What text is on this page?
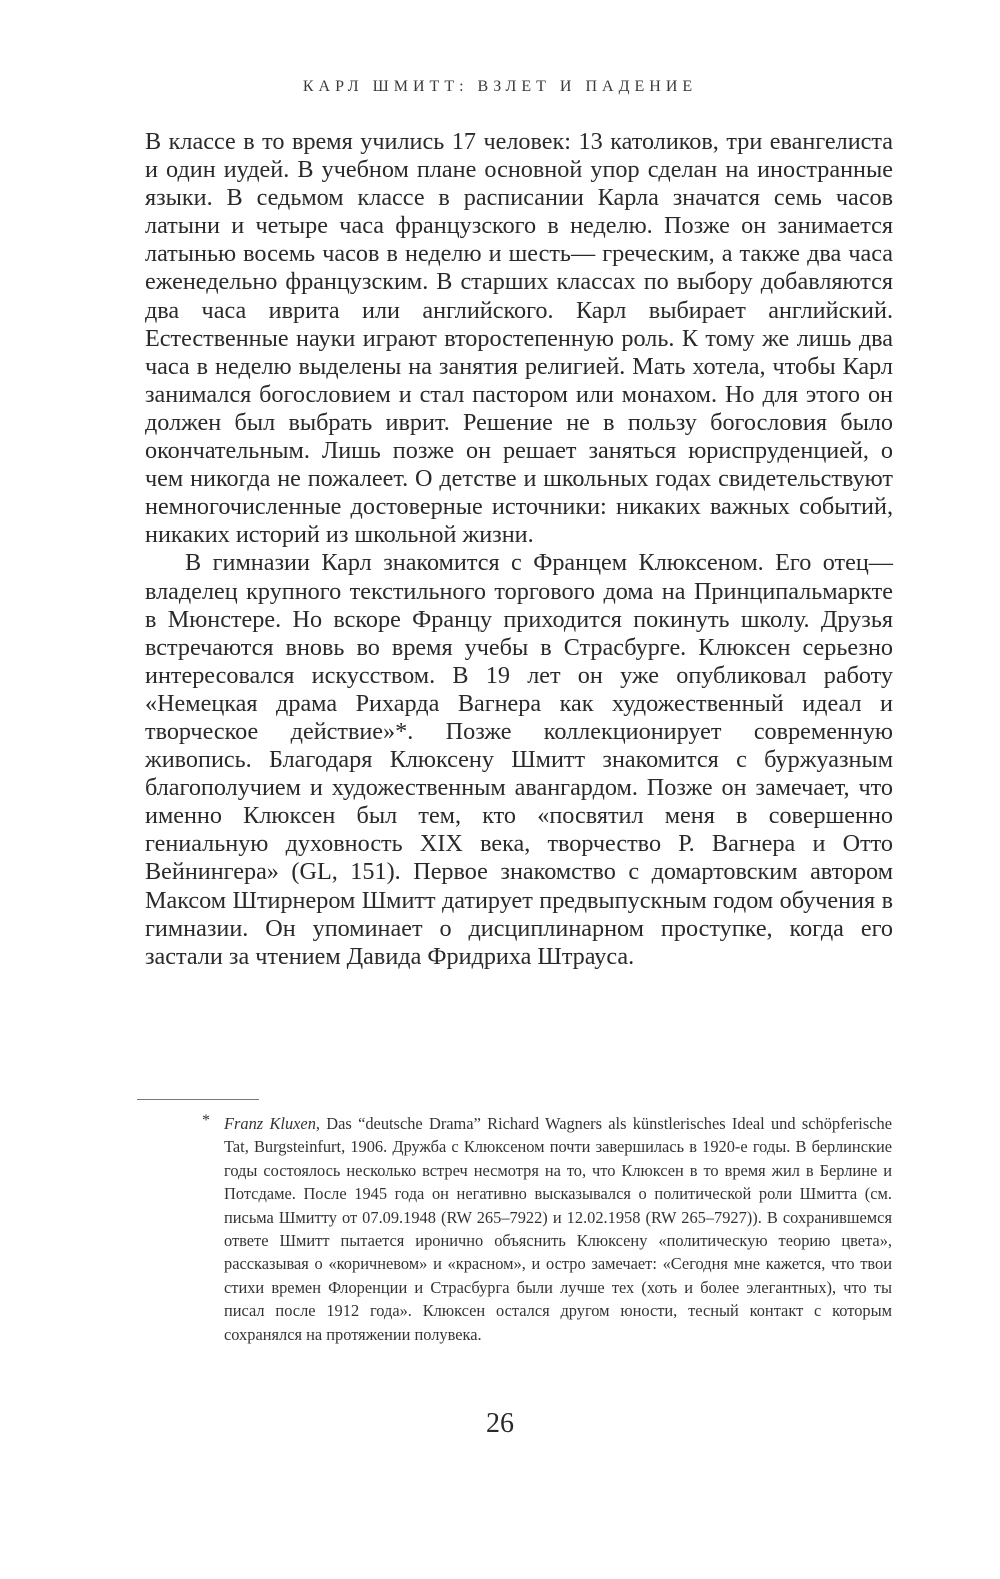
КАРЛ ШМИТТ: ВЗЛЕТ И ПАДЕНИЕ

В классе в то время учились 17 человек: 13 католиков, три евангелиста и один иудей. В учебном плане основной упор сделан на иностранные языки. В седьмом классе в расписании Карла значатся семь часов латыни и четыре часа французского в неделю. Позже он занимается латынью восемь часов в неделю и шесть— греческим, а также два часа еженедельно французским. В старших классах по выбору добавляются два часа иврита или английского. Карл выбирает английский. Естественные науки играют второстепенную роль. К тому же лишь два часа в неделю выделены на занятия религией. Мать хотела, чтобы Карл занимался богословием и стал пастором или монахом. Но для этого он должен был выбрать иврит. Решение не в пользу богословия было окончательным. Лишь позже он решает заняться юриспруденцией, о чем никогда не пожалеет. О детстве и школьных годах свидетельствуют немногочисленные достоверные источники: никаких важных событий, никаких историй из школьной жизни.

В гимназии Карл знакомится с Францем Клюксеном. Его отец— владелец крупного текстильного торгового дома на Принципальмаркте в Мюнстере. Но вскоре Францу приходится покинуть школу. Друзья встречаются вновь во время учебы в Страсбурге. Клюксен серьезно интересовался искусством. В 19 лет он уже опубликовал работу «Немецкая драма Рихарда Вагнера как художественный идеал и творческое действие»*. Позже коллекционирует современную живопись. Благодаря Клюксену Шмитт знакомится с буржуазным благополучием и художественным авангардом. Позже он замечает, что именно Клюксен был тем, кто «посвятил меня в совершенно гениальную духовность XIX века, творчество Р. Вагнера и Отто Вейнингера» (GL, 151). Первое знакомство с домартовским автором Максом Штирнером Шмитт датирует предвыпускным годом обучения в гимназии. Он упоминает о дисциплинарном проступке, когда его застали за чтением Давида Фридриха Штрауса.

* Franz Kluxen, Das “deutsche Drama” Richard Wagners als künstlerisches Ideal und schöpferische Tat, Burgsteinfurt, 1906. Дружба с Клюксеном почти завершилась в 1920-е годы. В берлинские годы состоялось несколько встреч несмотря на то, что Клюксен в то время жил в Берлине и Потсдаме. После 1945 года он негативно высказывался о политической роли Шмитта (см. письма Шмитту от 07.09.1948 (RW 265–7922) и 12.02.1958 (RW 265–7927)). В сохранившемся ответе Шмитт пытается иронично объяснить Клюксену «политическую теорию цвета», рассказывая о «коричневом» и «красном», и остро замечает: «Сегодня мне кажется, что твои стихи времен Флоренции и Страсбурга были лучше тех (хоть и более элегантных), что ты писал после 1912 года». Клюксен остался другом юности, тесный контакт с которым сохранялся на протяжении полувека.
26
